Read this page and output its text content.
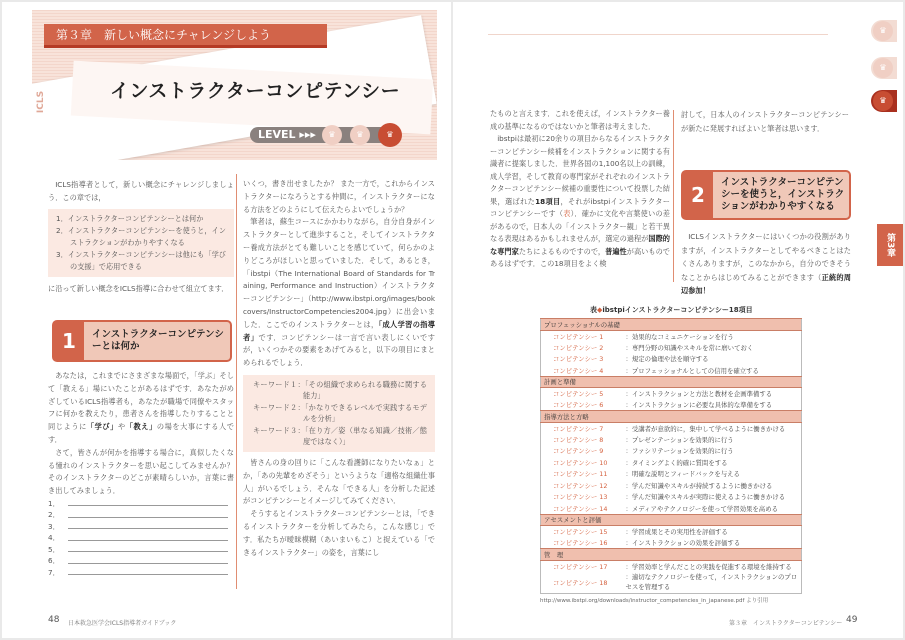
ICLS
第３章　新しい概念にチャレンジしよう
インストラクターコンピテンシー
LEVEL ▸▸▸	♛	♛	♛

ICLS指導者として，新しい概念にチャレンジしましょう．この章では，

1．インストラクターコンピテンシーとは何か
2．インストラクターコンピテンシーを使うと，インストラクションがわかりやすくなる
3．インストラクターコンピテンシーは他にも「学びの支援」で応用できる

に沿って新しい概念をICLS指導に合わせて組立てます．

1	インストラクターコンピテンシーとは何か

あなたは，これまでにさまざまな場面で，「学ぶ」そして「教える」場にいたことがあるはずです．あなたがめざしているICLS指導者も，あなたが職場で同僚やスタッフに何かを教えたり，患者さんを指導したりすることと同じように「学び」や「教え」の場を大事にする人です．

さて，皆さんが何かを指導する場合に，真似したくなる憧れのインストラクターを思い起こしてみませんか？ そのインストラクターのどこが素晴らしいか，言葉に書き出してみましょう．

1．
2．
3．
4．
5．
6．
7．

いくつ，書き出せましたか？ また一方で，これからインストラクターになろうとする仲間に，インストラクターになる方法をどのようにして伝えたらよいでしょうか？

筆者は，蘇生コースにかかわりながら，自分自身がインストラクターとして進歩すること，そしてインストラクター養成方法がとても難しいことを感じていて，何らかのよりどころがほしいと思っていました．そして，あるとき，「ibstpi（The International Board of Standards for Training, Performance and Instruction）インストラクターコンピテンシー」（http://www.ibstpi.org/images/bookcovers/InstructorCompetencies2004.jpg）に出会いました．ここでのインストラクターとは，「成人学習の指導者」です．コンピテンシーは一言で言い表しにくいですが，いくつかその要素をあげてみると，以下の項目にまとめられるでしょう．

キーワード１：「その組織で求められる職務に関する能力」
キーワード２：「かなりできるレベルで実践するモデルを分析」
キーワード３：「在り方／姿（単なる知識／技術／態度ではなく）」

皆さんの身の回りに「こんな看護師になりたいなぁ」とか，「あの先輩をめざそう」というような「適格な組織仕事人」がいるでしょう．そんな「できる人」を分析した記述がコンピテンシーとイメージしてみてください．

そうするとインストラクターコンピテンシーとは，「できるインストラクターを分析してみたら，こんな感じ」です．私たちが曖昧模糊（あいまいもこ）と捉えている「できるインストラクター」の姿を，言葉にし

48 日本救急医学会ICLS指導者ガイドブック

たものと言えます．これを使えば，インストラクター養成の基準になるのではないかと筆者は考えました．

ibstpiは最初に20余りの項目からなるインストラクターコンピテンシー候補をインストラクションに関する有識者に提案しました．世界各国の1,100名以上の訓練，成人学習，そして教育の専門家がそれぞれのインストラクターコンピテンシー候補の重要性について投票した結果，選ばれた18項目，それがibstpiインストラクターコンピテンシーです（表）．確かに文化や言葉使いの差があるので，日本人の「インストラクター観」と若干異なる表現はあるかもしれませんが，選定の過程が国際的な専門家たちによるものですので，普遍性が高いものであるはずです．この18項目をよく検

討して，日本人のインストラクターコンピテンシーが新たに発展すればよいと筆者は思います．

2
インストラクターコンピテンシーを使うと，インストラクションがわかりやすくなる

ICLSインストラクターにはいくつかの役割がありますが，インストラクターとしてやるべきことはたくさんありますが，このなかから，自分のできそうなことからはじめてみることができます（正統的周辺参加！

♛
♛
♛
第3章
49
第３章　インストラクターコンピテンシー
表◆ibstpiインストラクターコンピテンシー18項目
プロフェッショナルの基礎	
コンピテンシー 1	：効果的なコミュニケーションを行う
コンピテンシー 2	：専門分野の知識やスキルを常に磨いておく
コンピテンシー 3	：規定の倫理や法を順守する
コンピテンシー 4	：プロフェッショナルとしての信用を確立する
計画と準備	
コンピテンシー 5	：インストラクションと方法と教材を企画準備する
コンピテンシー 6	：インストラクションに必要な具体的な準備をする
指導方法と方略	
コンピテンシー 7	：受講者が意欲的に，集中して学べるように働きかける
コンピテンシー 8	：プレゼンテーションを効果的に行う
コンピテンシー 9	：ファシリテーションを効果的に行う
コンピテンシー 10	：タイミングよく的確に質問をする
コンピテンシー 11	：明確な説明とフィードバックを与える
コンピテンシー 12	：学んだ知識やスキルが持続するように働きかける
コンピテンシー 13	：学んだ知識やスキルが実際に使えるように働きかける
コンピテンシー 14	：メディアやテクノロジーを使って学習効果を高める
アセスメントと評価	
コンピテンシー 15	：学習成果とその実用性を評価する
コンピテンシー 16	：インストラクションの効果を評価する
管　理	
コンピテンシー 17	：学習効率と学んだことの実践を促進する環境を維持する
コンピテンシー 18	：適切なテクノロジーを使って，インストラクションのプロセスを管理する
http://www.ibstpi.org/downloads/instructor_competencies_in_japanese.pdf より引用
